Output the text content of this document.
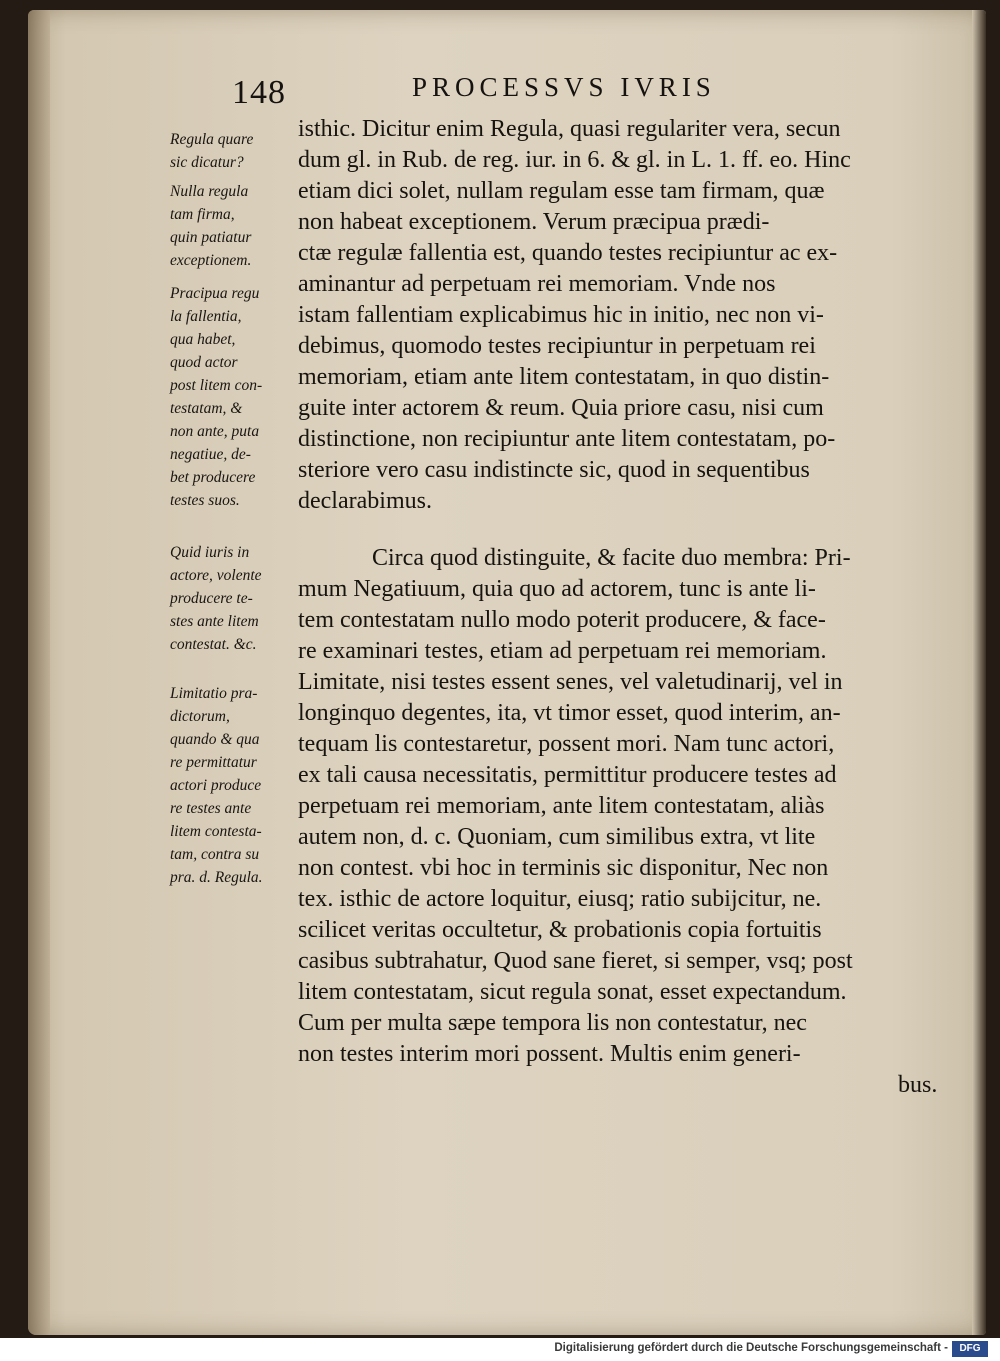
148	PROCESSVS IVRIS
Regula quare
sic dicatur?
Nulla regula
tam firma,
quin patiatur
exceptionem.
Pracipua regu
la fallentia,
qua habet,
quod actor
post litem con-
testatam, &
non ante, puta
negatiue, de-
bet producere
testes suos.
Quid iuris in
actore, volente
producere te-
stes ante litem
contestat. &c.
Limitatio pra-
dictorum,
quando & qua
re permittatur
actori produce
re testes ante
litem contesta-
tam, contra su
pra. d. Regula.
isthic. Dicitur enim Regula, quasi regulariter vera, secun
dum gl. in Rub. de reg. iur. in 6. & gl. in L. 1. ff. eo. Hinc
etiam dici solet, nullam regulam esse tam firmam, quæ
non habeat exceptionem. Verum præcipua prædi-
ctæ regulæ fallentia est, quando testes recipiuntur ac ex-
aminantur ad perpetuam rei memoriam. Vnde nos
istam fallentiam explicabimus hic in initio, nec non vi-
debimus, quomodo testes recipiuntur in perpetuam rei
memoriam, etiam ante litem contestatam, in quo distin-
guite inter actorem & reum. Quia priore casu, nisi cum
distinctione, non recipiuntur ante litem contestatam, po-
steriore vero casu indistincte sic, quod in sequentibus
declarabimus.
Circa quod distinguite, & facite duo membra: Pri-
mum Negatiuum, quia quo ad actorem, tunc is ante li-
tem contestatam nullo modo poterit producere, & face-
re examinari testes, etiam ad perpetuam rei memoriam.
Limitate, nisi testes essent senes, vel valetudinarij, vel in
longinquo degentes, ita, vt timor esset, quod interim, an-
tequam lis contestaretur, possent mori. Nam tunc actori,
ex tali causa necessitatis, permittitur producere testes ad
perpetuam rei memoriam, ante litem contestatam, aliàs
autem non, d. c. Quoniam, cum similibus extra, vt lite
non contest. vbi hoc in terminis sic disponitur, Nec non
tex. isthic de actore loquitur, eiusq; ratio subijcitur, ne.
scilicet veritas occultetur, & probationis copia fortuitis
casibus subtrahatur, Quod sane fieret, si semper, vsq; post
litem contestatam, sicut regula sonat, esset expectandum.
Cum per multa sæpe tempora lis non contestatur, nec
non testes interim mori possent. Multis enim generi-
bus.
Digitalisierung gefördert durch die Deutsche Forschungsgemeinschaft -	DFG
